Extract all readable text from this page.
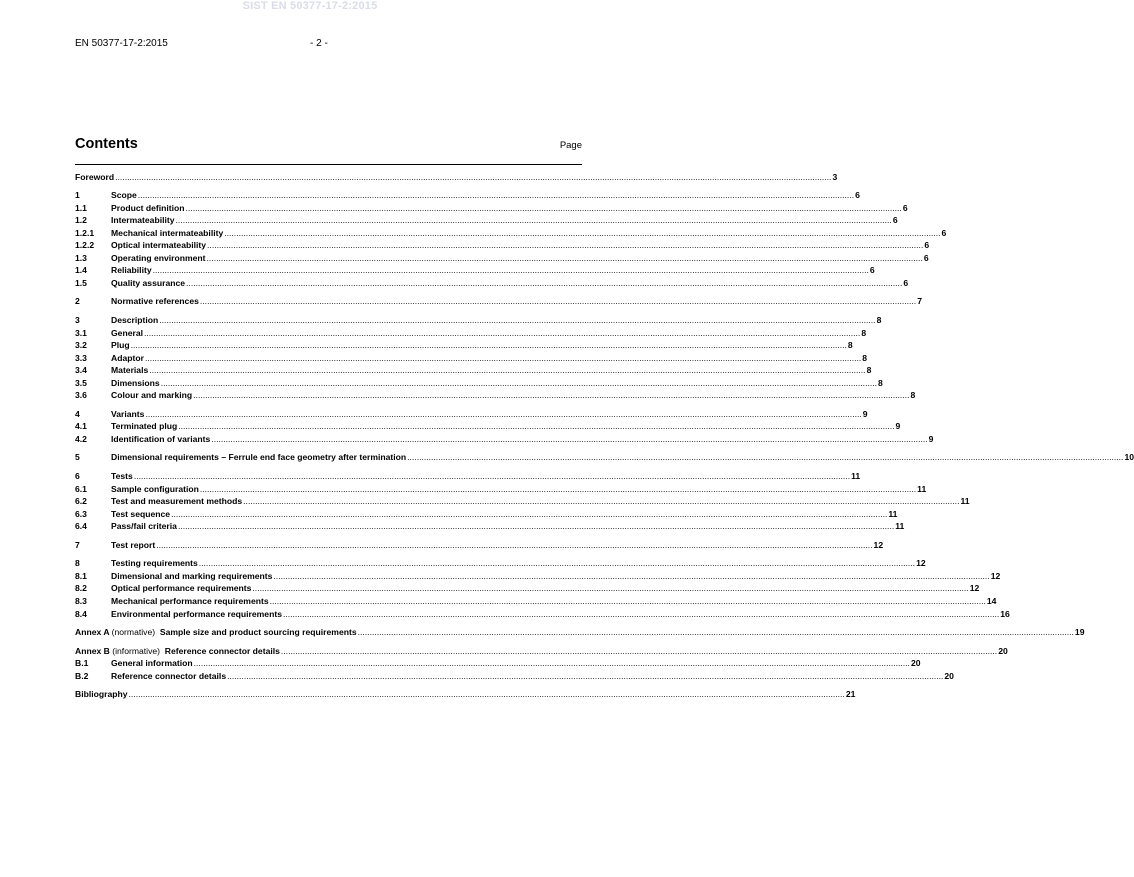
SIST EN 50377-17-2:2015
EN 50377-17-2:2015	- 2 -
Contents	Page
Foreword ............................................................................................................................................................................................................................................................................................................ 3
1	Scope ............................................................................................................................................................................................................................................................................................................ 6
1.1	Product definition ............................................................................................................................................................................................................................................................................................................ 6
1.2	Intermateability ............................................................................................................................................................................................................................................................................................................ 6
1.2.1	Mechanical intermateability ............................................................................................................................................................................................................................................................................................................ 6
1.2.2	Optical intermateability ............................................................................................................................................................................................................................................................................................................ 6
1.3	Operating environment ............................................................................................................................................................................................................................................................................................................ 6
1.4	Reliability ............................................................................................................................................................................................................................................................................................................ 6
1.5	Quality assurance ............................................................................................................................................................................................................................................................................................................ 6
2	Normative references ............................................................................................................................................................................................................................................................................................................ 7
3	Description ............................................................................................................................................................................................................................................................................................................ 8
3.1	General ............................................................................................................................................................................................................................................................................................................ 8
3.2	Plug ............................................................................................................................................................................................................................................................................................................ 8
3.3	Adaptor ............................................................................................................................................................................................................................................................................................................ 8
3.4	Materials ............................................................................................................................................................................................................................................................................................................ 8
3.5	Dimensions ............................................................................................................................................................................................................................................................................................................ 8
3.6	Colour and marking ............................................................................................................................................................................................................................................................................................................ 8
4	Variants ............................................................................................................................................................................................................................................................................................................ 9
4.1	Terminated plug ............................................................................................................................................................................................................................................................................................................ 9
4.2	Identification of variants ............................................................................................................................................................................................................................................................................................................ 9
5	Dimensional requirements – Ferrule end face geometry after termination ............................................................................................................................................................................................................................................................................................................ 10
6	Tests ............................................................................................................................................................................................................................................................................................................ 11
6.1	Sample configuration ............................................................................................................................................................................................................................................................................................................ 11
6.2	Test and measurement methods ............................................................................................................................................................................................................................................................................................................ 11
6.3	Test sequence ............................................................................................................................................................................................................................................................................................................ 11
6.4	Pass/fail criteria ............................................................................................................................................................................................................................................................................................................ 11
7	Test report ............................................................................................................................................................................................................................................................................................................ 12
8	Testing requirements ............................................................................................................................................................................................................................................................................................................ 12
8.1	Dimensional and marking requirements ............................................................................................................................................................................................................................................................................................................ 12
8.2	Optical performance requirements ............................................................................................................................................................................................................................................................................................................ 12
8.3	Mechanical performance requirements ............................................................................................................................................................................................................................................................................................................ 14
8.4	Environmental performance requirements ............................................................................................................................................................................................................................................................................................................ 16
Annex A (normative) Sample size and product sourcing requirements ............................................................................................................................................................................................................................................................................................................ 19
Annex B (informative) Reference connector details ............................................................................................................................................................................................................................................................................................................ 20
B.1	General information ............................................................................................................................................................................................................................................................................................................ 20
B.2	Reference connector details ............................................................................................................................................................................................................................................................................................................ 20
Bibliography ............................................................................................................................................................................................................................................................................................................ 21
